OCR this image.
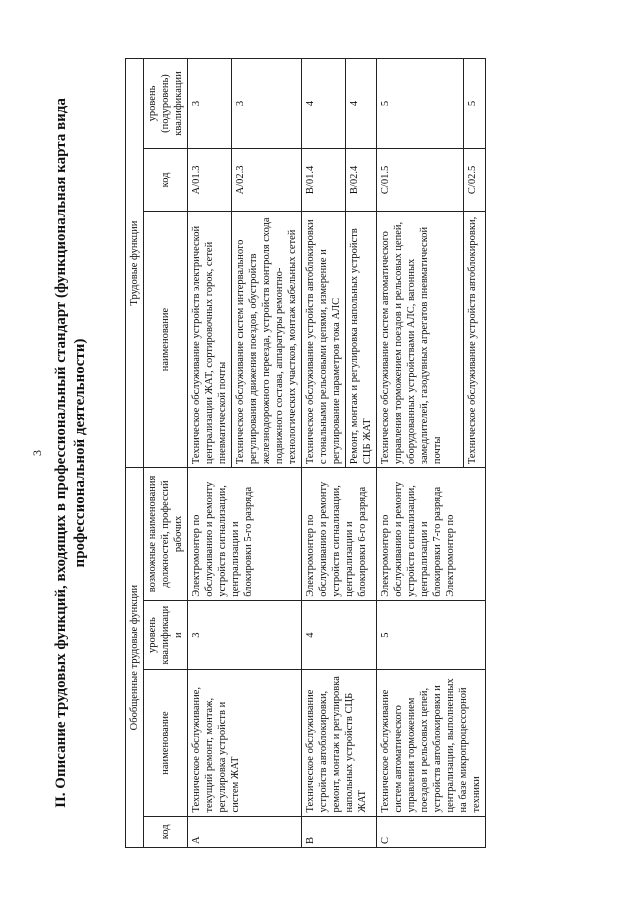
3 II. Описание трудовых функций, входящих в профессиональный стандарт (функциональная карта вида профессиональной деятельности)
Обобщенные трудовые функции				Трудовые функции		
код	наименование	уровень квалификации	возможные наименования должностей, профессий рабочих	наименование	код	уровень (подуровень) квалификации
А	Техническое обслуживание, текущий ремонт, монтаж, регулировка устройств и систем ЖАТ	3	Электромонтер по обслуживанию и ремонту устройств сигнализации, централизации и блокировки 5-го разряда	Техническое обслуживание устройств электрической централизации ЖАТ, сортировочных горок, сетей пневматической почты	A/01.3	3
				Техническое обслуживание систем интервального регулирования движения поездов, обустройств железнодорожного переезда, устройств контроля схода подвижного состава, аппаратуры ремонтно-технологических участков, монтаж кабельных сетей	A/02.3	3
В	Техническое обслуживание устройств автоблокировки, ремонт, монтаж и регулировка напольных устройств СЦБ ЖАТ	4	Электромонтер по обслуживанию и ремонту устройств сигнализации, централизации и блокировки 6-го разряда	Техническое обслуживание устройств автоблокировки с тональными рельсовыми цепями, измерение и регулирование параметров тока АЛС	B/01.4	4
				Ремонт, монтаж и регулировка напольных устройств СЦБ ЖАТ	B/02.4	4
С	Техническое обслуживание систем автоматического управления торможением поездов и рельсовых цепей, устройств автоблокировки и централизации, выполненных на базе микропроцессорной техники	5	Электромонтер по обслуживанию и ремонту устройств сигнализации, централизации и блокировки 7-го разряда Электромонтер по	Техническое обслуживание систем автоматического управления торможением поездов и рельсовых цепей, оборудованных устройствами АЛС, вагонных замедлителей, газодувных агрегатов пневматической почты	C/01.5	5
				Техническое обслуживание устройств автоблокировки,	C/02.5	5
